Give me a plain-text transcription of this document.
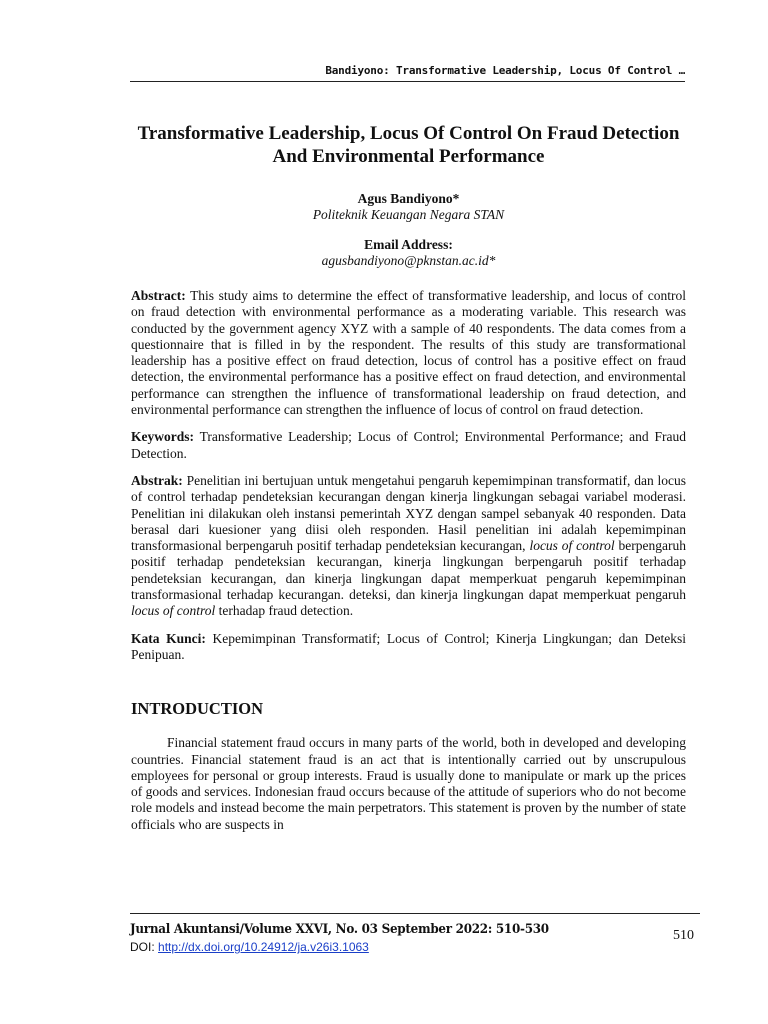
Bandiyono: Transformative Leadership, Locus Of Control …
Transformative Leadership, Locus Of Control On Fraud Detection And Environmental Performance
Agus Bandiyono*
Politeknik Keuangan Negara STAN
Email Address:
agusbandiyono@pknstan.ac.id*

Abstract: This study aims to determine the effect of transformative leadership, and locus of control on fraud detection with environmental performance as a moderating variable. This research was conducted by the government agency XYZ with a sample of 40 respondents. The data comes from a questionnaire that is filled in by the respondent. The results of this study are transformational leadership has a positive effect on fraud detection, locus of control has a positive effect on fraud detection, the environmental performance has a positive effect on fraud detection, and environmental performance can strengthen the influence of transformational leadership on fraud detection, and environmental performance can strengthen the influence of locus of control on fraud detection.

Keywords: Transformative Leadership; Locus of Control; Environmental Performance; and Fraud Detection.

Abstrak: Penelitian ini bertujuan untuk mengetahui pengaruh kepemimpinan transformatif, dan locus of control terhadap pendeteksian kecurangan dengan kinerja lingkungan sebagai variabel moderasi. Penelitian ini dilakukan oleh instansi pemerintah XYZ dengan sampel sebanyak 40 responden. Data berasal dari kuesioner yang diisi oleh responden. Hasil penelitian ini adalah kepemimpinan transformasional berpengaruh positif terhadap pendeteksian kecurangan, locus of control berpengaruh positif terhadap pendeteksian kecurangan, kinerja lingkungan berpengaruh positif terhadap pendeteksian kecurangan, dan kinerja lingkungan dapat memperkuat pengaruh kepemimpinan transformasional terhadap kecurangan. deteksi, dan kinerja lingkungan dapat memperkuat pengaruh locus of control terhadap fraud detection.

Kata Kunci: Kepemimpinan Transformatif; Locus of Control; Kinerja Lingkungan; dan Deteksi Penipuan.

INTRODUCTION

Financial statement fraud occurs in many parts of the world, both in developed and developing countries. Financial statement fraud is an act that is intentionally carried out by unscrupulous employees for personal or group interests. Fraud is usually done to manipulate or mark up the prices of goods and services. Indonesian fraud occurs because of the attitude of superiors who do not become role models and instead become the main perpetrators. This statement is proven by the number of state officials who are suspects in

Jurnal Akuntansi/Volume XXVI, No. 03 September 2022: 510-530
DOI: http://dx.doi.org/10.24912/ja.v26i3.1063
510
